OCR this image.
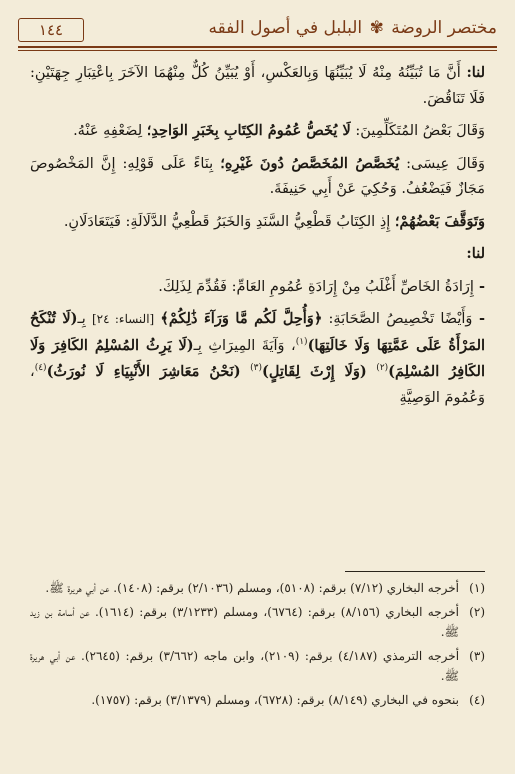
مختصر الروضة ✾ البلبل في أصول الفقه
١٤٤

لنا: أَنَّ مَا تُبَيِّنُهُ مِنْهُ لَا يُبَيِّنُهَا وَبِالعَكْسِ، أَوْ يُبَيِّنُ كُلٌّ مِنْهُمَا الآخَرَ بِاعْتِبَارِ جِهَتَيْنِ: فَلَا تَنَاقُضَ.

وَقَالَ بَعْضُ المُتَكَلِّمِينَ: لَا يُخَصُّ عُمُومُ الكِتَابِ بِخَبَرِ الوَاحِدِ؛ لِضَعْفِهِ عَنْهُ.

وَقَالَ عِيسَى: يُخَصَّصُ المُخَصَّصُ دُونَ غَيْرِهِ؛ بِنَاءً عَلَى قَوْلِهِ: إِنَّ المَخْصُوصَ مَجَازٌ فَيَضْعُفُ. وَحُكِيَ عَنْ أَبِي حَنِيفَةَ.

وَتَوَقَّفَ بَعْضُهُمْ؛ إِذِ الكِتَابُ قَطْعِيُّ السَّنَدِ وَالخَبَرُ قَطْعِيُّ الدَّلَالَةِ: فَيَتَعَادَلَانِ.

لنا:

- إِرَادَةُ الخَاصِّ أَغْلَبُ مِنْ إِرَادَةِ عُمُومِ العَامِّ: فَقُدِّمَ لِذَلِكَ.

- وَأَيْضًا تَخْصِيصُ الصَّحَابَةِ: ﴿وَأُحِلَّ لَكُم مَّا وَرَآءَ ذَٰلِكُمْ﴾ [النساء: ٢٤] بِـ(لَا تُنْكَحُ المَرْأَةُ عَلَى عَمَّتِهَا وَلَا خَالَتِهَا)$^{(١)}$، وَآيَةَ المِيرَاثِ بِـ(لَا يَرِثُ المُسْلِمُ الكَافِرَ وَلَا الكَافِرُ المُسْلِمَ)$^{(٢)}$ (وَلَا إِرْثَ لِقَاتِلٍ)$^{(٣)}$ (نَحْنُ مَعَاشِرَ الأَنْبِيَاءِ لَا نُورَثُ)$^{(٤)}$، وَعُمُومَ الوَصِيَّةِ

(١)
أخرجه البخاري (٧/١٢) برقم: (٥١٠٨)، ومسلم (٢/١٠٣٦) برقم: (١٤٠٨). عن أبي هريرة ﷺ.
(٢)
أخرجه البخاري (٨/١٥٦) برقم: (٦٧٦٤)، ومسلم (٣/١٢٣٣) برقم: (١٦١٤). عن أسامة بن زيد ﷺ.
(٣)
أخرجه الترمذي (٤/١٨٧) برقم: (٢١٠٩)، وابن ماجه (٣/٦٦٢) برقم: (٢٦٤٥). عن أبي هريرة ﷺ.
(٤)
بنحوه في البخاري (٨/١٤٩) برقم: (٦٧٢٨)، ومسلم (٣/١٣٧٩) برقم: (١٧٥٧).
